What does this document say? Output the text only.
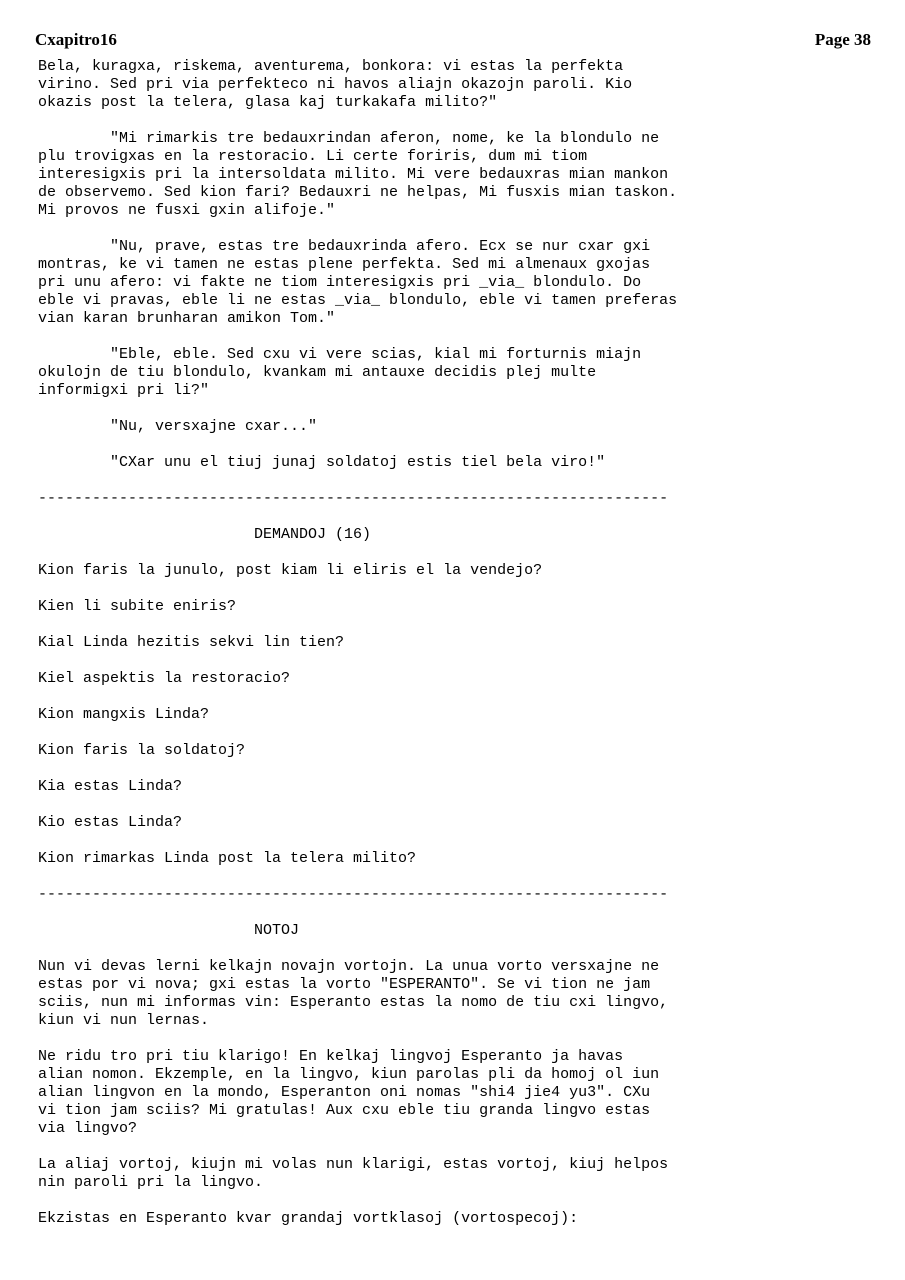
Cxapitro16	Page 38
Bela, kuragxa, riskema, aventurema, bonkora: vi estas la perfekta
virino. Sed pri via perfekteco ni havos aliajn okazojn paroli. Kio
okazis post la telera, glasa kaj turkakafa milito?"
"Mi rimarkis tre bedauxrindan aferon, nome, ke la blondulo ne
plu trovigxas en la restoracio. Li certe foriris, dum mi tiom
interesigxis pri la intersoldata milito. Mi vere bedauxras mian mankon
de observemo. Sed kion fari? Bedauxri ne helpas, Mi fusxis mian taskon.
Mi provos ne fusxi gxin alifoje."
"Nu, prave, estas tre bedauxrinda afero. Ecx se nur cxar gxi
montras, ke vi tamen ne estas plene perfekta. Sed mi almenaux gxojas
pri unu afero: vi fakte ne tiom interesigxis pri _via_ blondulo. Do
eble vi pravas, eble li ne estas _via_ blondulo, eble vi tamen preferas
vian karan brunharan amikon Tom."
"Eble, eble. Sed cxu vi vere scias, kial mi forturnis miajn
okulojn de tiu blondulo, kvankam mi antauxe decidis plej multe
informigxi pri li?"
"Nu, versxajne cxar..."
"CXar unu el tiuj junaj soldatoj estis tiel bela viro!"
----------------------------------------------------------------------
DEMANDOJ (16)
Kion faris la junulo, post kiam li eliris el la vendejo?
Kien li subite eniris?
Kial Linda hezitis sekvi lin tien?
Kiel aspektis la restoracio?
Kion mangxis Linda?
Kion faris la soldatoj?
Kia estas Linda?
Kio estas Linda?
Kion rimarkas Linda post la telera milito?
----------------------------------------------------------------------
NOTOJ
Nun vi devas lerni kelkajn novajn vortojn. La unua vorto versxajne ne
estas por vi nova; gxi estas la vorto "ESPERANTO". Se vi tion ne jam
sciis, nun mi informas vin: Esperanto estas la nomo de tiu cxi lingvo,
kiun vi nun lernas.
Ne ridu tro pri tiu klarigo! En kelkaj lingvoj Esperanto ja havas
alian nomon. Ekzemple, en la lingvo, kiun parolas pli da homoj ol iun
alian lingvon en la mondo, Esperanton oni nomas "shi4 jie4 yu3". CXu
vi tion jam sciis? Mi gratulas! Aux cxu eble tiu granda lingvo estas
via lingvo?
La aliaj vortoj, kiujn mi volas nun klarigi, estas vortoj, kiuj helpos
nin paroli pri la lingvo.
Ekzistas en Esperanto kvar grandaj vortklasoj (vortospecoj):
